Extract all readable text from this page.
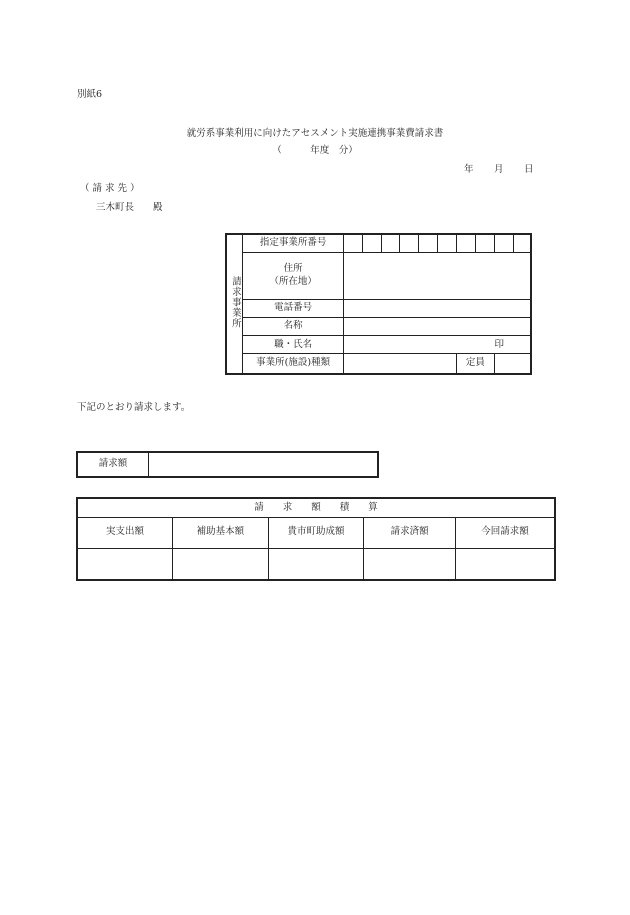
別紙6
就労系事業利用に向けたアセスメント実施連携事業費請求書
（　　　年度　分）
年 月 日
（ 請 求 先 ）
三木町長　　殿
請求事業所	指定事業所番号										

	住所
（所在地）										

	電話番号										
	名称										
	職・氏名	印									
	事業所(施設)種類							定員			
下記のとおり請求します。
請求額	
請　　求　　額　　積　　算				
実支出額	補助基本額	貴市町助成額	請求済額	今回請求額
